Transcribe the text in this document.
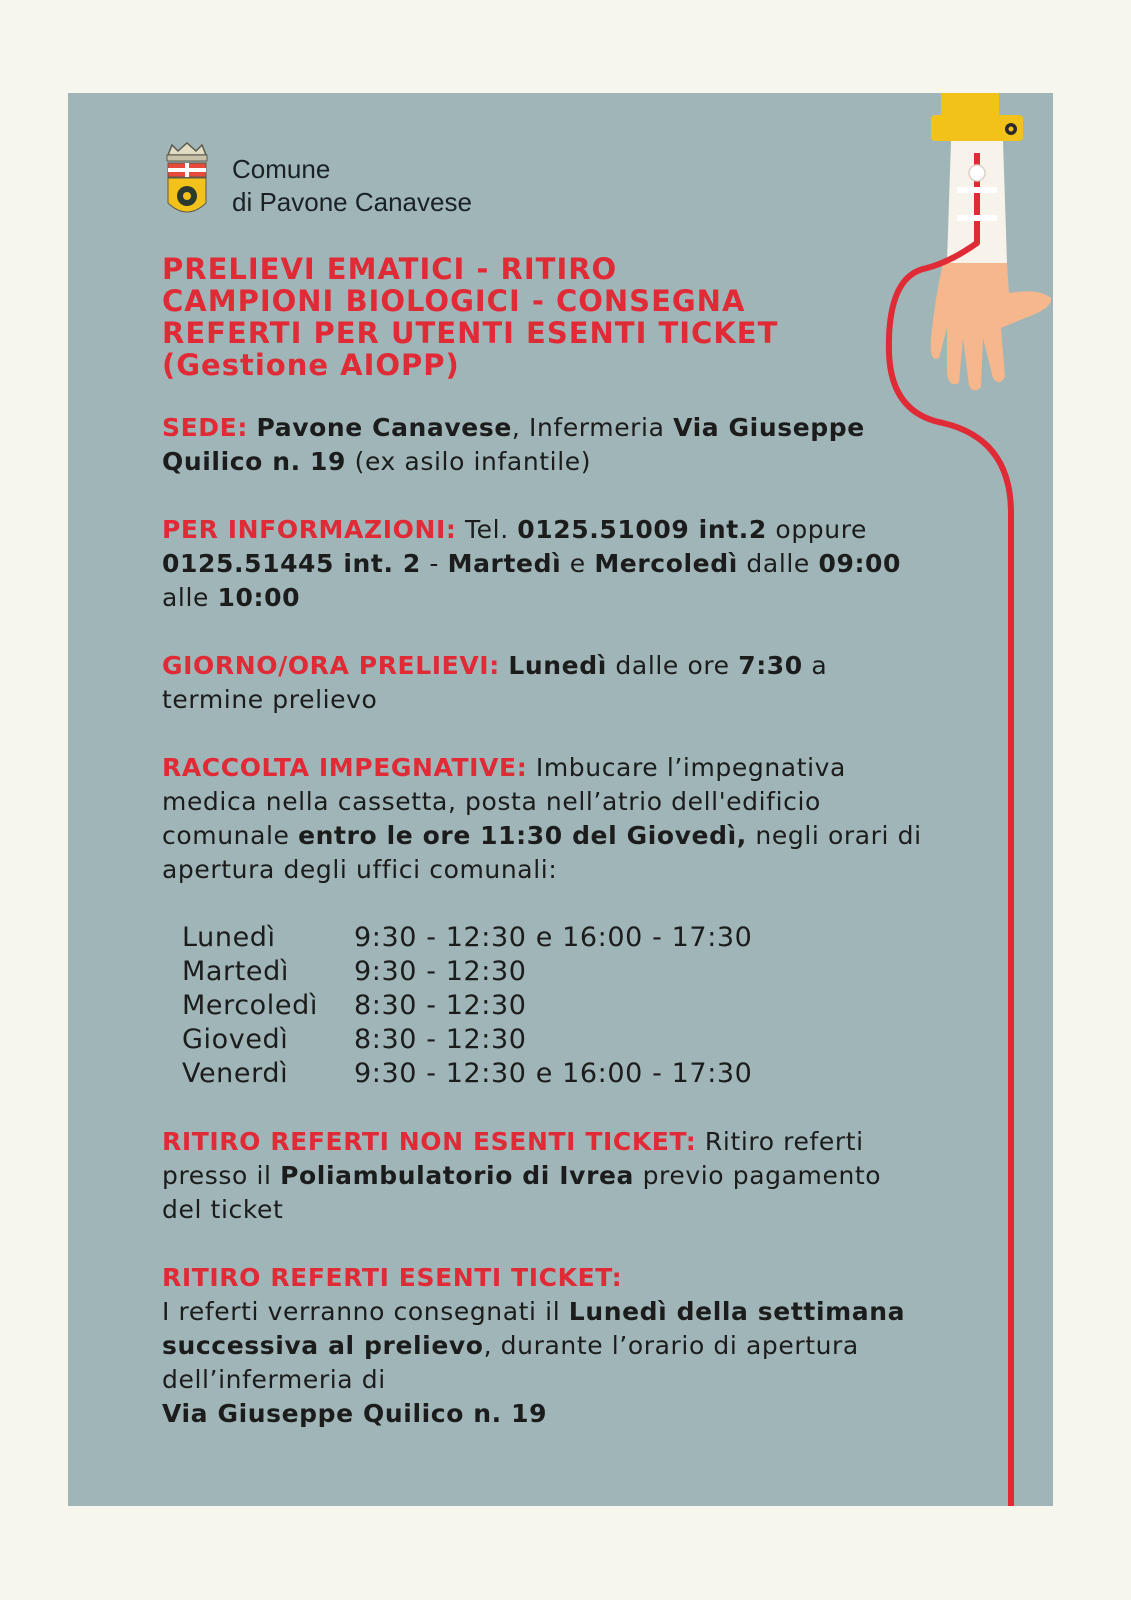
Comune
di Pavone Canavese
PRELIEVI EMATICI - RITIRO
CAMPIONI BIOLOGICI - CONSEGNA
REFERTI PER UTENTI ESENTI TICKET
(Gestione AIOPP)

SEDE: Pavone Canavese, Infermeria Via Giuseppe Quilico n. 19 (ex asilo infantile)

PER INFORMAZIONI: Tel. 0125.51009 int.2 oppure 0125.51445 int. 2 - Martedì e Mercoledì dalle 09:00 alle 10:00

GIORNO/ORA PRELIEVI: Lunedì dalle ore 7:30 a termine prelievo

RACCOLTA IMPEGNATIVE: Imbucare l’impegnativa medica nella cassetta, posta nell’atrio dell'edificio comunale entro le ore 11:30 del Giovedì, negli orari di apertura degli uffici comunali:

Lunedì	9:30 - 12:30 e 16:00 - 17:30
Martedì	9:30 - 12:30
Mercoledì	8:30 - 12:30
Giovedì	8:30 - 12:30
Venerdì	9:30 - 12:30 e 16:00 - 17:30

RITIRO REFERTI NON ESENTI TICKET: Ritiro referti presso il Poliambulatorio di Ivrea previo pagamento del ticket

RITIRO REFERTI ESENTI TICKET:
I referti verranno consegnati il Lunedì della settimana successiva al prelievo, durante l’orario di apertura dell’infermeria di
Via Giuseppe Quilico n. 19
